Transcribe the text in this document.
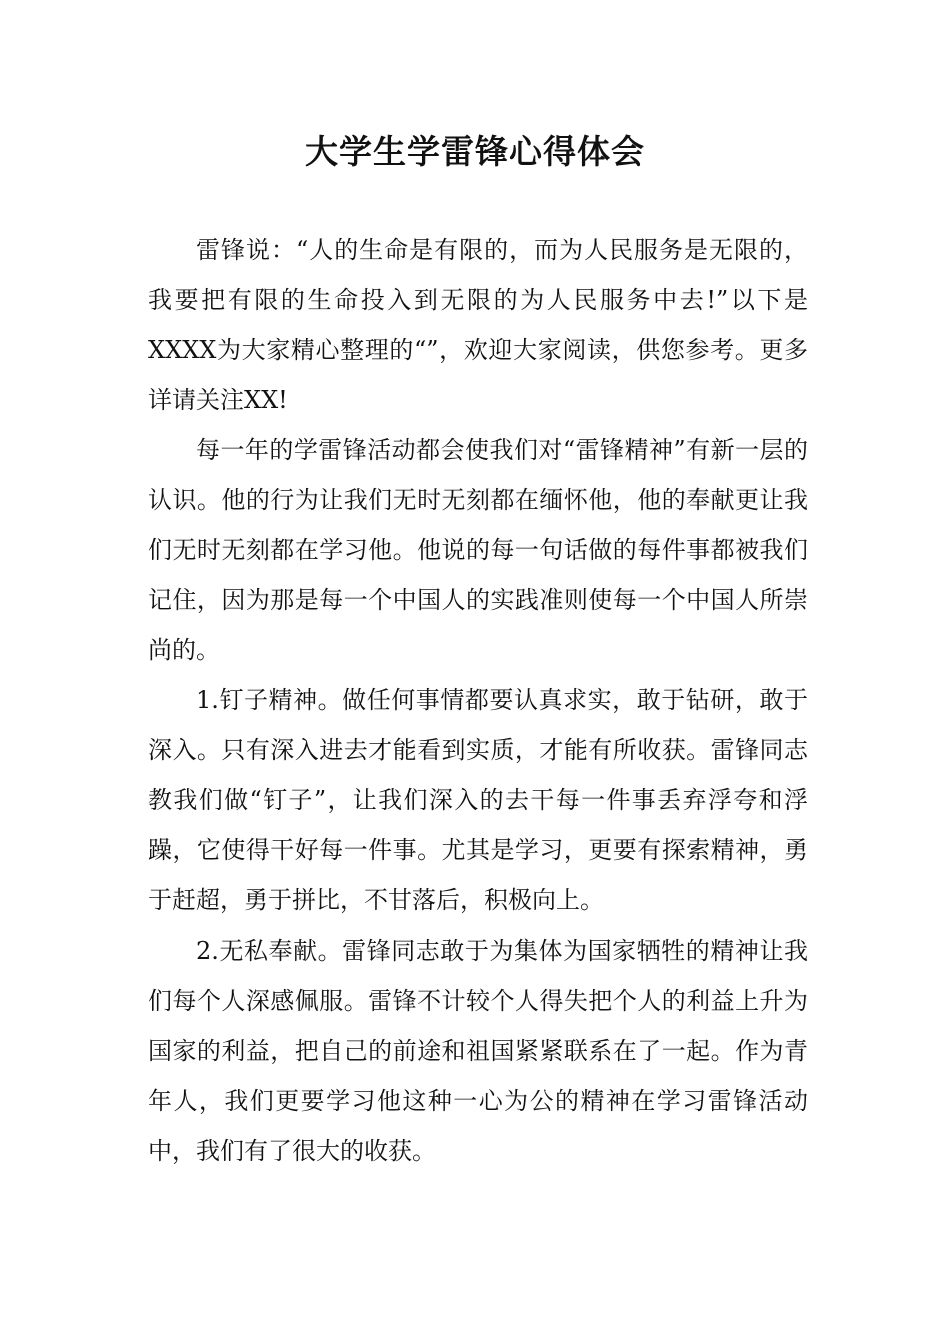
大学生学雷锋心得体会

雷锋说：“人的生命是有限的，而为人民服务是无限的，我要把有限的生命投入到无限的为人民服务中去!”以下是XXXX为大家精心整理的“”，欢迎大家阅读，供您参考。更多详请关注XX!

每一年的学雷锋活动都会使我们对“雷锋精神”有新一层的认识。他的行为让我们无时无刻都在缅怀他，他的奉献更让我们无时无刻都在学习他。他说的每一句话做的每件事都被我们记住，因为那是每一个中国人的实践准则使每一个中国人所崇尚的。

1.钉子精神。做任何事情都要认真求实，敢于钻研，敢于深入。只有深入进去才能看到实质，才能有所收获。雷锋同志教我们做“钉子”，让我们深入的去干每一件事丢弃浮夸和浮躁，它使得干好每一件事。尤其是学习，更要有探索精神，勇于赶超，勇于拼比，不甘落后，积极向上。

2.无私奉献。雷锋同志敢于为集体为国家牺牲的精神让我们每个人深感佩服。雷锋不计较个人得失把个人的利益上升为国家的利益，把自己的前途和祖国紧紧联系在了一起。作为青年人，我们更要学习他这种一心为公的精神在学习雷锋活动中，我们有了很大的收获。
